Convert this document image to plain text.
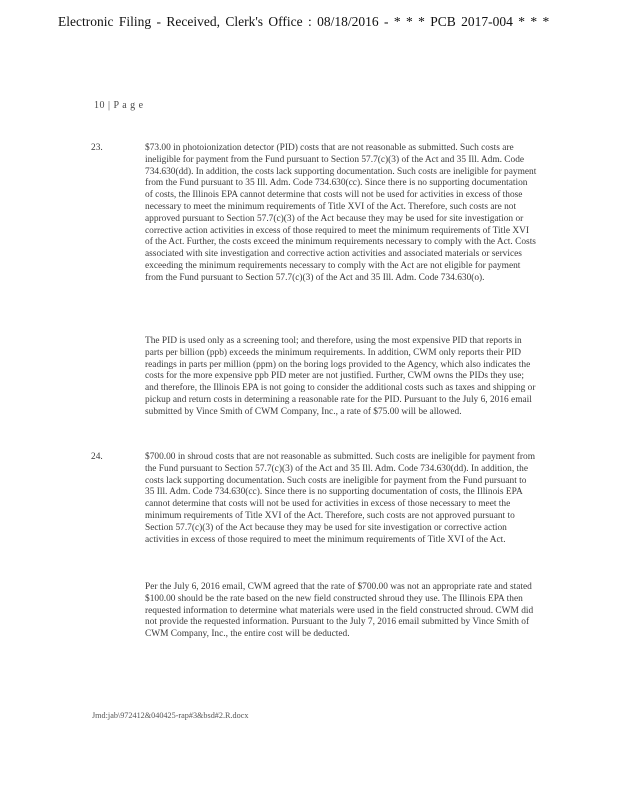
Electronic Filing - Received, Clerk's Office : 08/18/2016 - * * * PCB 2017-004 * * *
10 | P a g e
23.	$73.00 in photoionization detector (PID) costs that are not reasonable as submitted. Such costs are ineligible for payment from the Fund pursuant to Section 57.7(c)(3) of the Act and 35 Ill. Adm. Code 734.630(dd). In addition, the costs lack supporting documentation. Such costs are ineligible for payment from the Fund pursuant to 35 Ill. Adm. Code 734.630(cc). Since there is no supporting documentation of costs, the Illinois EPA cannot determine that costs will not be used for activities in excess of those necessary to meet the minimum requirements of Title XVI of the Act. Therefore, such costs are not approved pursuant to Section 57.7(c)(3) of the Act because they may be used for site investigation or corrective action activities in excess of those required to meet the minimum requirements of Title XVI of the Act. Further, the costs exceed the minimum requirements necessary to comply with the Act. Costs associated with site investigation and corrective action activities and associated materials or services exceeding the minimum requirements necessary to comply with the Act are not eligible for payment from the Fund pursuant to Section 57.7(c)(3) of the Act and 35 Ill. Adm. Code 734.630(o).

The PID is used only as a screening tool; and therefore, using the most expensive PID that reports in parts per billion (ppb) exceeds the minimum requirements. In addition, CWM only reports their PID readings in parts per million (ppm) on the boring logs provided to the Agency, which also indicates the costs for the more expensive ppb PID meter are not justified. Further, CWM owns the PIDs they use; and therefore, the Illinois EPA is not going to consider the additional costs such as taxes and shipping or pickup and return costs in determining a reasonable rate for the PID. Pursuant to the July 6, 2016 email submitted by Vince Smith of CWM Company, Inc., a rate of $75.00 will be allowed.

24.	$700.00 in shroud costs that are not reasonable as submitted. Such costs are ineligible for payment from the Fund pursuant to Section 57.7(c)(3) of the Act and 35 Ill. Adm. Code 734.630(dd). In addition, the costs lack supporting documentation. Such costs are ineligible for payment from the Fund pursuant to 35 Ill. Adm. Code 734.630(cc). Since there is no supporting documentation of costs, the Illinois EPA cannot determine that costs will not be used for activities in excess of those necessary to meet the minimum requirements of Title XVI of the Act. Therefore, such costs are not approved pursuant to Section 57.7(c)(3) of the Act because they may be used for site investigation or corrective action activities in excess of those required to meet the minimum requirements of Title XVI of the Act.

Per the July 6, 2016 email, CWM agreed that the rate of $700.00 was not an appropriate rate and stated $100.00 should be the rate based on the new field constructed shroud they use. The Illinois EPA then requested information to determine what materials were used in the field constructed shroud. CWM did not provide the requested information. Pursuant to the July 7, 2016 email submitted by Vince Smith of CWM Company, Inc., the entire cost will be deducted.

Jmd:jab\972412&040425-rap#3&bsd#2.R.docx
